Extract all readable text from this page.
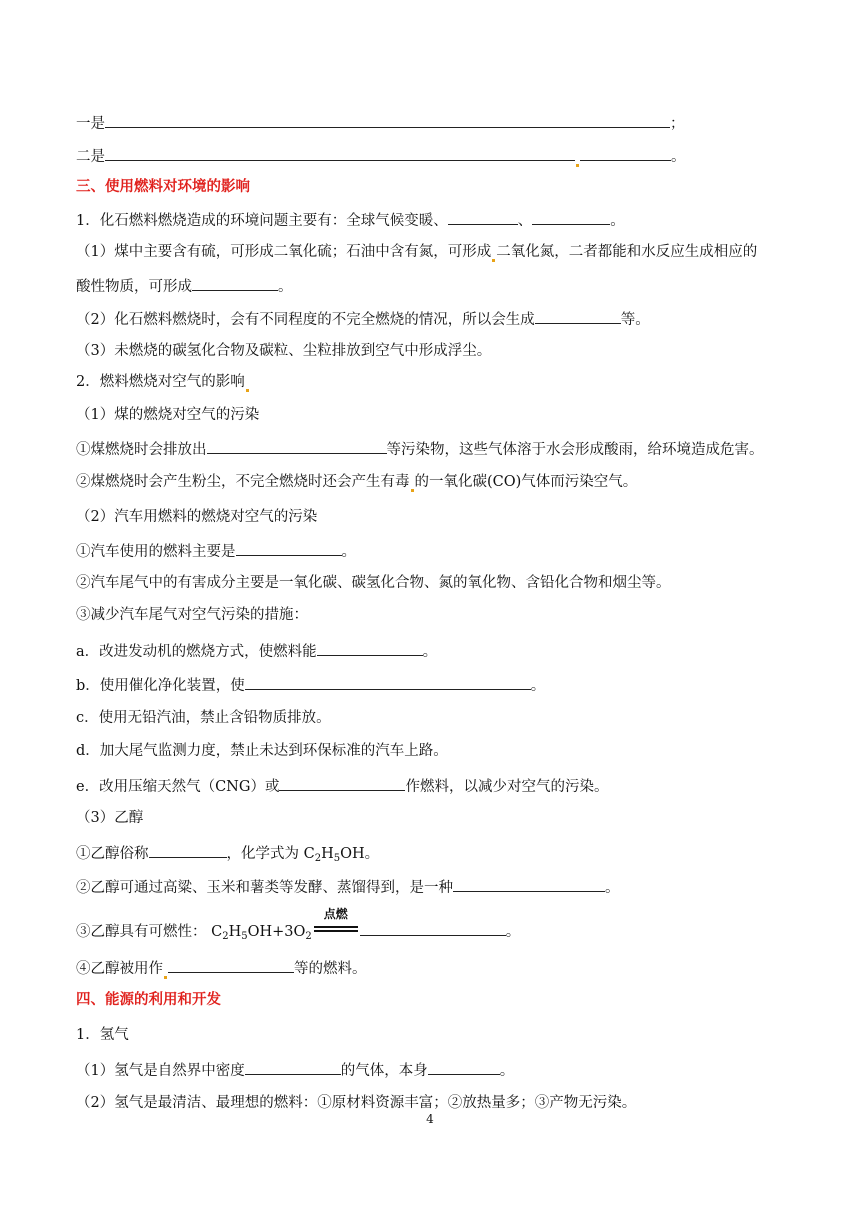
一是	；
二是	。
三、使用燃料对环境的影响
1．化石燃料燃烧造成的环境问题主要有：全球气候变暖、	、	。
（1）煤中主要含有硫，可形成二氧化硫；石油中含有氮，可形成 二氧化氮，二者都能和水反应生成相应的
酸性物质，可形成	。
（2）化石燃料燃烧时，会有不同程度的不完全燃烧的情况，所以会生成	等。
（3）未燃烧的碳氢化合物及碳粒、尘粒排放到空气中形成浮尘。
2．燃料燃烧对空气的影响
（1）煤的燃烧对空气的污染
①煤燃烧时会排放出	等污染物，这些气体溶于水会形成酸雨，给环境造成危害。
②煤燃烧时会产生粉尘，不完全燃烧时还会产生有毒 的一氧化碳(CO)气体而污染空气。
（2）汽车用燃料的燃烧对空气的污染
①汽车使用的燃料主要是	。
②汽车尾气中的有害成分主要是一氧化碳、碳氢化合物、氮的氧化物、含铅化合物和烟尘等。
③减少汽车尾气对空气污染的措施：
a．改进发动机的燃烧方式，使燃料能	。
b．使用催化净化装置，使	。
c．使用无铅汽油，禁止含铅物质排放。
d．加大尾气监测力度，禁止未达到环保标准的汽车上路。
e．改用压缩天然气（CNG）或	作燃料，以减少对空气的污染。
（3）乙醇
①乙醇俗称	，化学式为 $C_2H_5OH$。
②乙醇可通过高粱、玉米和薯类等发酵、蒸馏得到，是一种	。
③乙醇具有可燃性： $C_2H_5OH+3O_2$
点燃
。
④乙醇被用作	等的燃料。
四、能源的利用和开发
1．氢气
（1）氢气是自然界中密度	的气体，本身	。
（2）氢气是最清洁、最理想的燃料：①原材料资源丰富；②放热量多；③产物无污染。
4
